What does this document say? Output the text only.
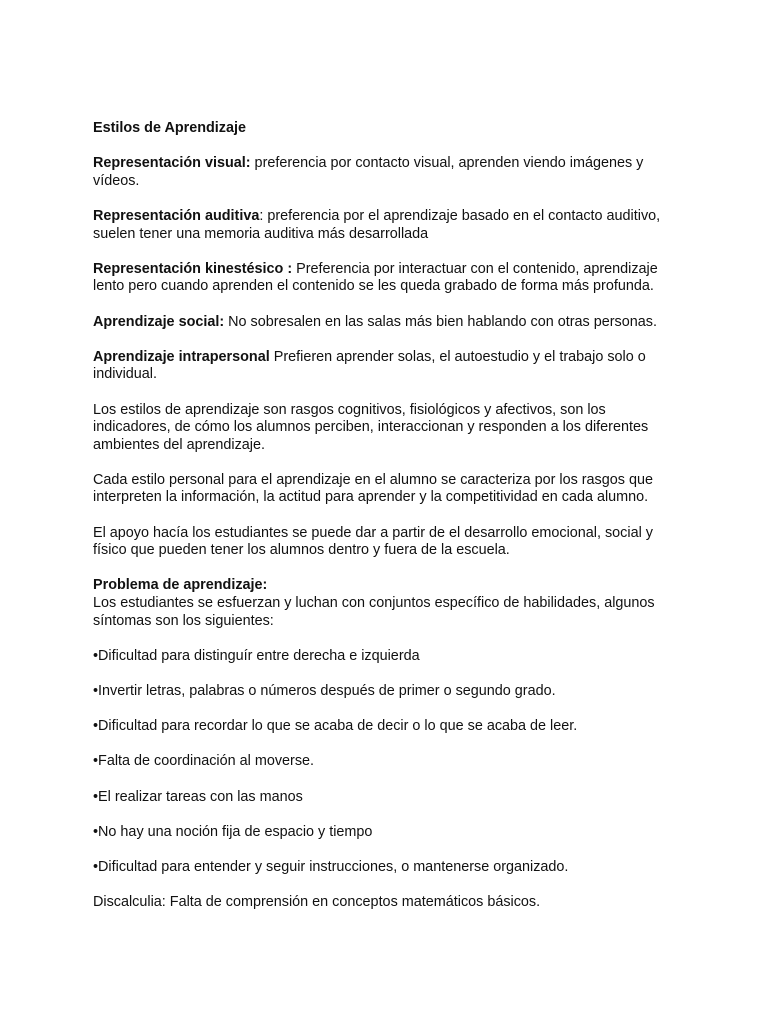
Estilos de Aprendizaje

Representación visual: preferencia por contacto visual, aprenden viendo imágenes y vídeos.

Representación auditiva: preferencia por el aprendizaje basado en el contacto auditivo, suelen tener una memoria auditiva más desarrollada

Representación kinestésico : Preferencia por interactuar con el contenido, aprendizaje lento pero cuando aprenden el contenido se les queda grabado de forma más profunda.

Aprendizaje social: No sobresalen en las salas más bien hablando con otras personas.

Aprendizaje intrapersonal Prefieren aprender solas, el autoestudio y el trabajo solo o individual.

Los estilos de aprendizaje son rasgos cognitivos, fisiológicos y afectivos, son los indicadores, de cómo los alumnos perciben, interaccionan y responden a los diferentes ambientes del aprendizaje.

Cada estilo personal para el aprendizaje en el alumno se caracteriza por los rasgos que interpreten la información, la actitud para aprender y la competitividad en cada alumno.

El apoyo hacía los estudiantes se puede dar a partir de el desarrollo emocional, social y físico que pueden tener los alumnos dentro y fuera de la escuela.

Problema de aprendizaje:

Los estudiantes se esfuerzan y luchan con conjuntos específico de habilidades, algunos síntomas son los siguientes:

•Dificultad para distinguír entre derecha e izquierda

•Invertir letras, palabras o números después de primer o segundo grado.

•Dificultad para recordar lo que se acaba de decir o lo que se acaba de leer.

•Falta de coordinación al moverse.

•El realizar tareas con las manos

•No hay una noción fija de espacio y tiempo

•Dificultad para entender y seguir instrucciones, o mantenerse organizado.

Discalculia: Falta de comprensión en conceptos matemáticos básicos.
